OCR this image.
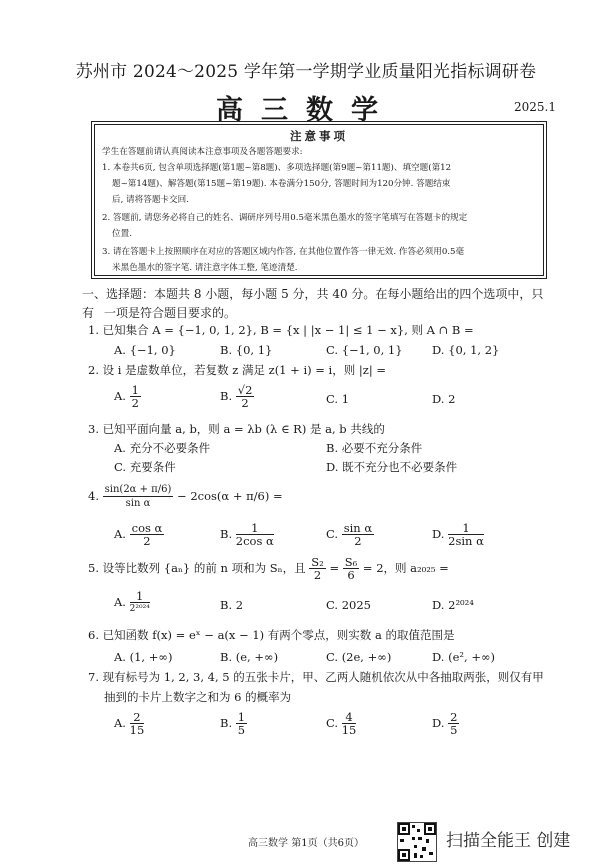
苏州市 2024～2025 学年第一学期学业质量阳光指标调研卷
高三数学	2025.1
注意事项
学生在答题前请认真阅读本注意事项及各题答题要求:
1. 本卷共6页, 包含单项选择题(第1题~第8题)、多项选择题(第9题~第11题)、填空题(第12
题~第14题)、解答题(第15题~第19题). 本卷满分150分, 答题时间为120分钟. 答题结束
后, 请将答题卡交回.
2. 答题前, 请您务必将自己的姓名、调研序列号用0.5毫米黑色墨水的签字笔填写在答题卡的规定
位置.
3. 请在答题卡上按照顺序在对应的答题区域内作答, 在其他位置作答一律无效. 作答必须用0.5毫
米黑色墨水的签字笔. 请注意字体工整, 笔迹清楚.
一、选择题：本题共 8 小题，每小题 5 分，共 40 分。在每小题给出的四个选项中，只有 一项是符合题目要求的。
1. 已知集合 A = {−1, 0, 1, 2}, B = {x | |x − 1| ≤ 1 − x}, 则 A ∩ B =
A. {−1, 0}	B. {0, 1}	C. {−1, 0, 1}	D. {0, 1, 2}
2. 设 i 是虚数单位，若复数 z 满足 z(1 + i) = i，则 |z| =
A. $\frac{1}{2}$	B. $\frac{√2}{2}$	C. 1	D. 2
3. 已知平面向量 a, b，则 a = λb (λ ∈ R) 是 a, b 共线的
A. 充分不必要条件	B. 必要不充分条件
C. 充要条件	D. 既不充分也不必要条件
4. $\frac{\sin(2\alpha + \pi/6)}{\text{sin α}} - 2\cos(\alpha + \pi/6)$ =
A. $\frac{\text{cos α}}{2}$	B. $\frac{1}{\text{2cos α}}$	C. $\frac{\text{sin α}}{2}$	D. $\frac{1}{\text{2sin α}}$
5. 设等比数列 {aₙ} 的前 n 项和为 Sₙ，且 $\frac{\text{S₂}}{2} = \frac{\text{S₆}}{6} = 2$，则 a₂₀₂₅ =
A. $\frac{1}{\text{2²⁰²⁴}}$	B. 2	C. 2025	D. 2²⁰²⁴
6. 已知函数 f(x) = eˣ − a(x − 1) 有两个零点，则实数 a 的取值范围是
A. (1, +∞)	B. (e, +∞)	C. (2e, +∞)	D. (e², +∞)
7. 现有标号为 1, 2, 3, 4, 5 的五张卡片，甲、乙两人随机依次从中各抽取两张，则仅有甲
抽到的卡片上数字之和为 6 的概率为
A. $\frac{2}{15}$	B. $\frac{1}{5}$	C. $\frac{4}{15}$	D. $\frac{2}{5}$
高三数学 第1页（共6页）	扫描全能王 创建
